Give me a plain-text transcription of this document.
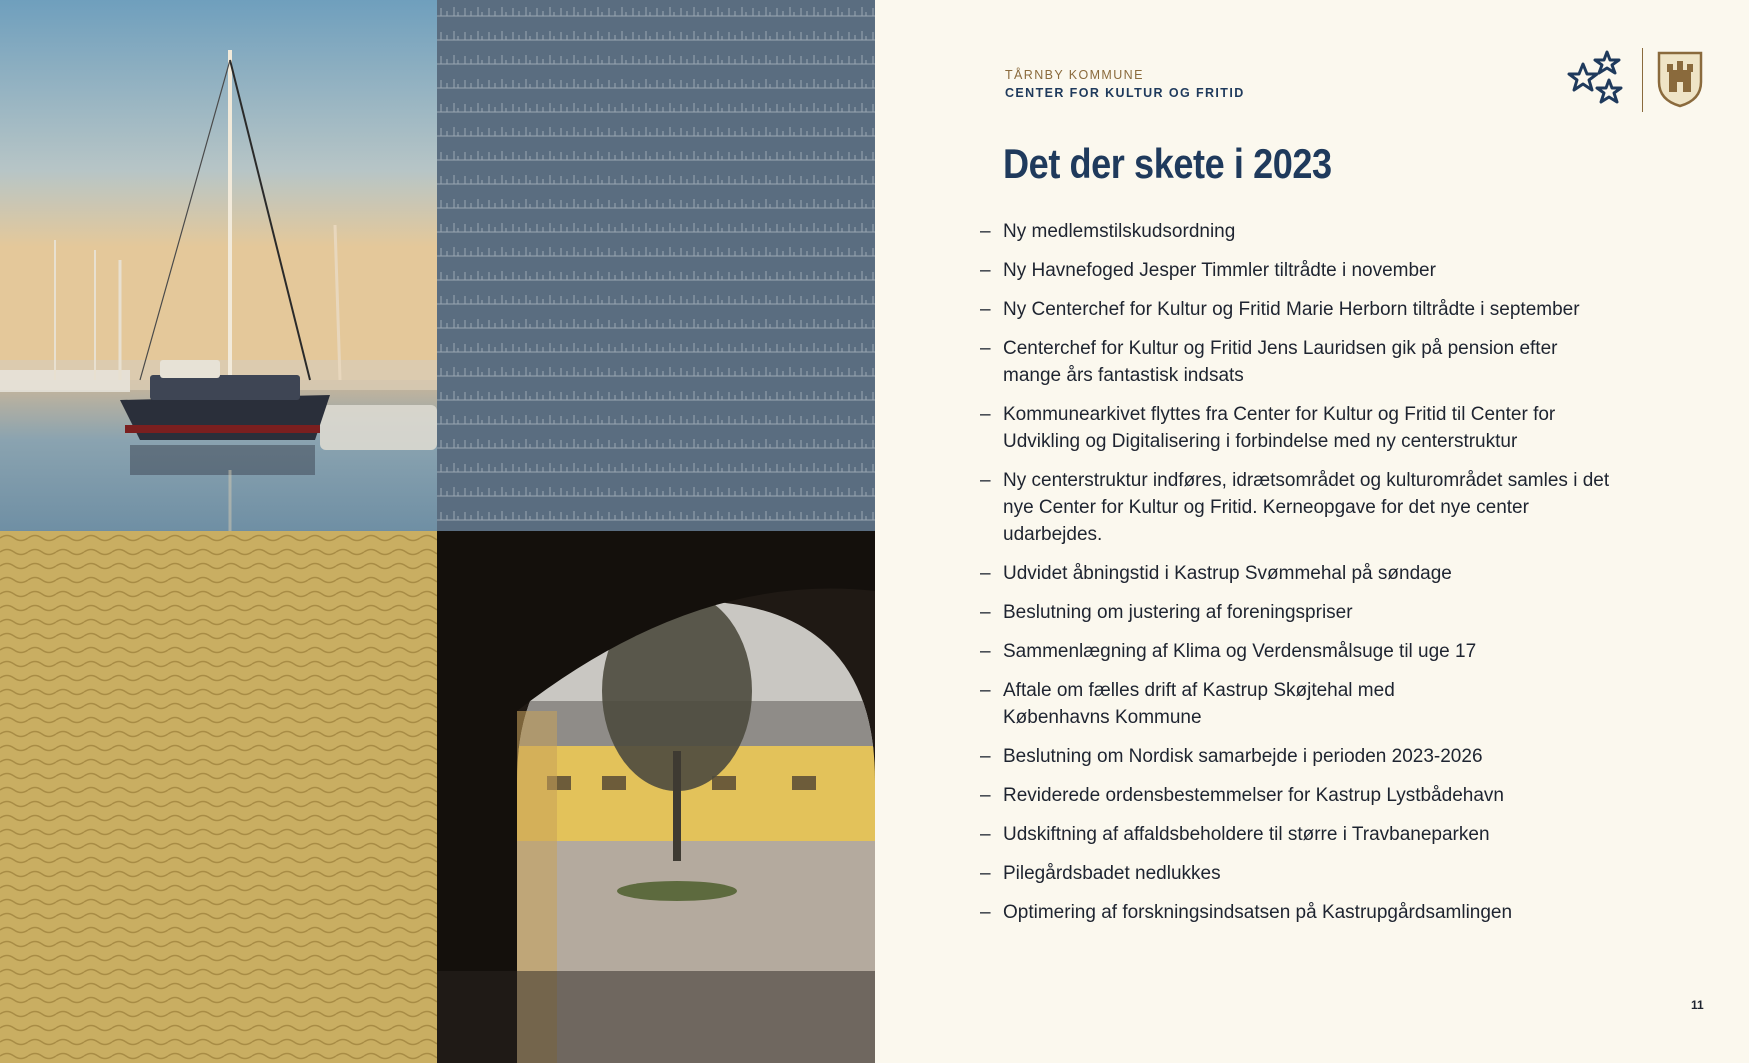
TÅRNBY KOMMUNE
CENTER FOR KULTUR OG FRITID
Det der skete i 2023
– Ny medlemstilskudsordning
– Ny Havnefoged Jesper Timmler tiltrådte i november
– Ny Centerchef for Kultur og Fritid Marie Herborn tiltrådte i september
– Centerchef for Kultur og Fritid Jens Lauridsen gik på pension efter mange års fantastisk indsats
– Kommunearkivet flyttes fra Center for Kultur og Fritid til Center for Udvikling og Digitalisering i forbindelse med ny centerstruktur
– Ny centerstruktur indføres, idrætsområdet og kulturområdet samles i det nye Center for Kultur og Fritid. Kerneopgave for det nye center udarbejdes.
– Udvidet åbningstid i Kastrup Svømmehal på søndage
– Beslutning om justering af foreningspriser
– Sammenlægning af Klima og Verdensmålsuge til uge 17
– Aftale om fælles drift af Kastrup Skøjtehal med Københavns Kommune
– Beslutning om Nordisk samarbejde i perioden 2023-2026
– Reviderede ordensbestemmelser for Kastrup Lystbådehavn
– Udskiftning af affaldsbeholdere til større i Travbaneparken
– Pilegårdsbadet nedlukkes
– Optimering af forskningsindsatsen på Kastrupgårdsamlingen
11
